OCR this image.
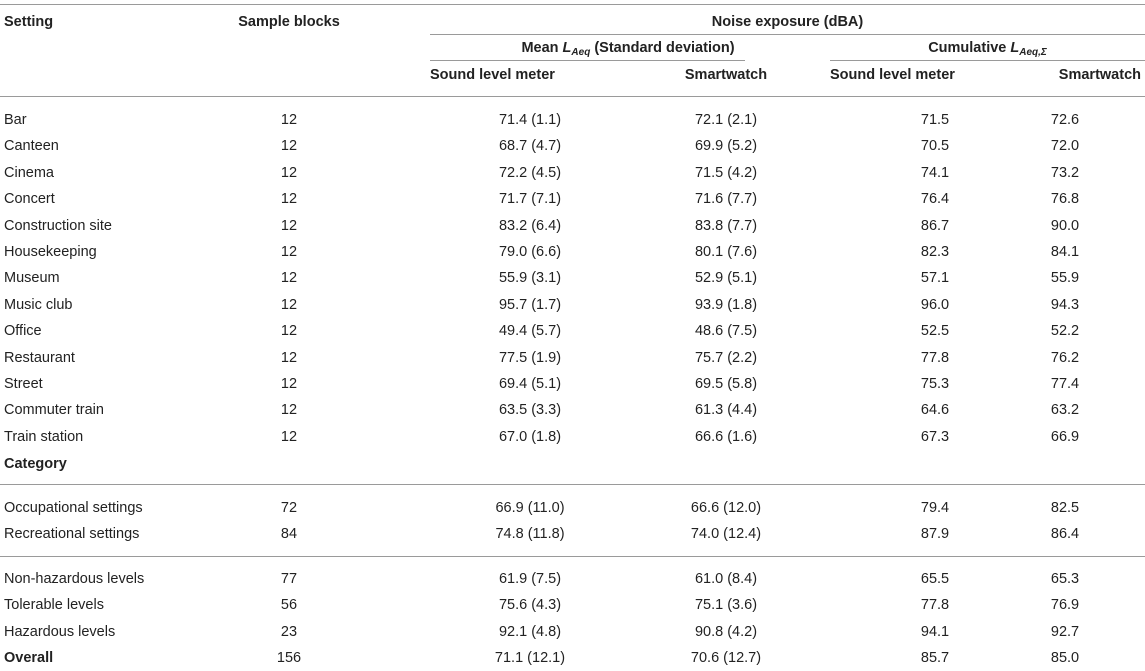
Setting	Sample blocks	Noise exposure (dBA)
Mean $L_{Aeq}$ (Standard deviation)	Cumulative $L_{Aeq,\Sigma}$
Sound level meter	Smartwatch	Sound level meter	Smartwatch
Bar	12	71.4 (1.1)	72.1 (2.1)	71.5	72.6
Canteen	12	68.7 (4.7)	69.9 (5.2)	70.5	72.0
Cinema	12	72.2 (4.5)	71.5 (4.2)	74.1	73.2
Concert	12	71.7 (7.1)	71.6 (7.7)	76.4	76.8
Construction site	12	83.2 (6.4)	83.8 (7.7)	86.7	90.0
Housekeeping	12	79.0 (6.6)	80.1 (7.6)	82.3	84.1
Museum	12	55.9 (3.1)	52.9 (5.1)	57.1	55.9
Music club	12	95.7 (1.7)	93.9 (1.8)	96.0	94.3
Office	12	49.4 (5.7)	48.6 (7.5)	52.5	52.2
Restaurant	12	77.5 (1.9)	75.7 (2.2)	77.8	76.2
Street	12	69.4 (5.1)	69.5 (5.8)	75.3	77.4
Commuter train	12	63.5 (3.3)	61.3 (4.4)	64.6	63.2
Train station	12	67.0 (1.8)	66.6 (1.6)	67.3	66.9
Category
Occupational settings	72	66.9 (11.0)	66.6 (12.0)	79.4	82.5
Recreational settings	84	74.8 (11.8)	74.0 (12.4)	87.9	86.4
Non-hazardous levels	77	61.9 (7.5)	61.0 (8.4)	65.5	65.3
Tolerable levels	56	75.6 (4.3)	75.1 (3.6)	77.8	76.9
Hazardous levels	23	92.1 (4.8)	90.8 (4.2)	94.1	92.7
Overall	156	71.1 (12.1)	70.6 (12.7)	85.7	85.0
